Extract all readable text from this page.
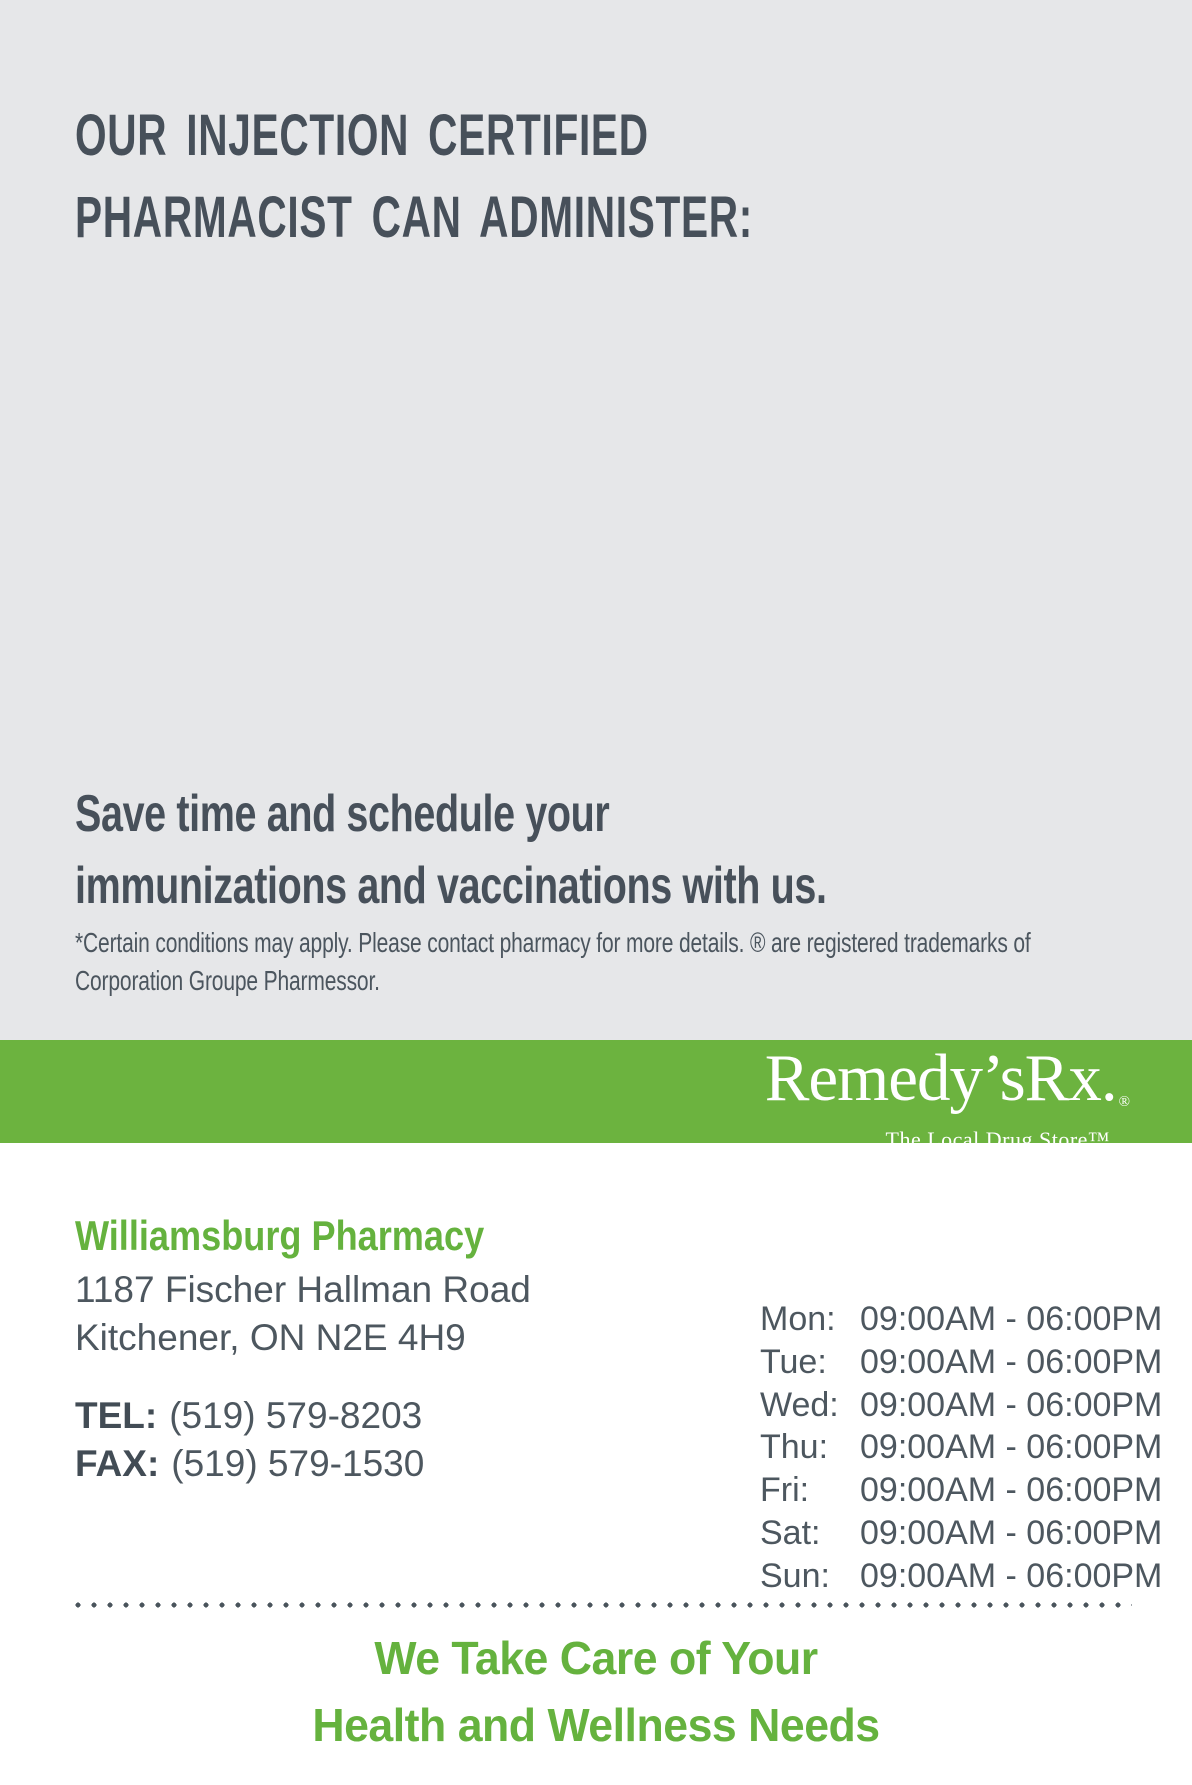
OUR INJECTION CERTIFIED
PHARMACIST CAN ADMINISTER:
Save time and schedule your
immunizations and vaccinations with us.

*Certain conditions may apply. Please contact pharmacy for more details. ® are registered trademarks of
Corporation Groupe Pharmessor.

Remedy’sRx. ®
The Local Drug Store™
Williamsburg Pharmacy
1187 Fischer Hallman Road
Kitchener, ON N2E 4H9
TEL: (519) 579-8203
FAX: (519) 579-1530
Mon: 09:00AM - 06:00PM
Tue: 09:00AM - 06:00PM
Wed: 09:00AM - 06:00PM
Thu: 09:00AM - 06:00PM
Fri: 09:00AM - 06:00PM
Sat: 09:00AM - 06:00PM
Sun: 09:00AM - 06:00PM
We Take Care of Your
Health and Wellness Needs
